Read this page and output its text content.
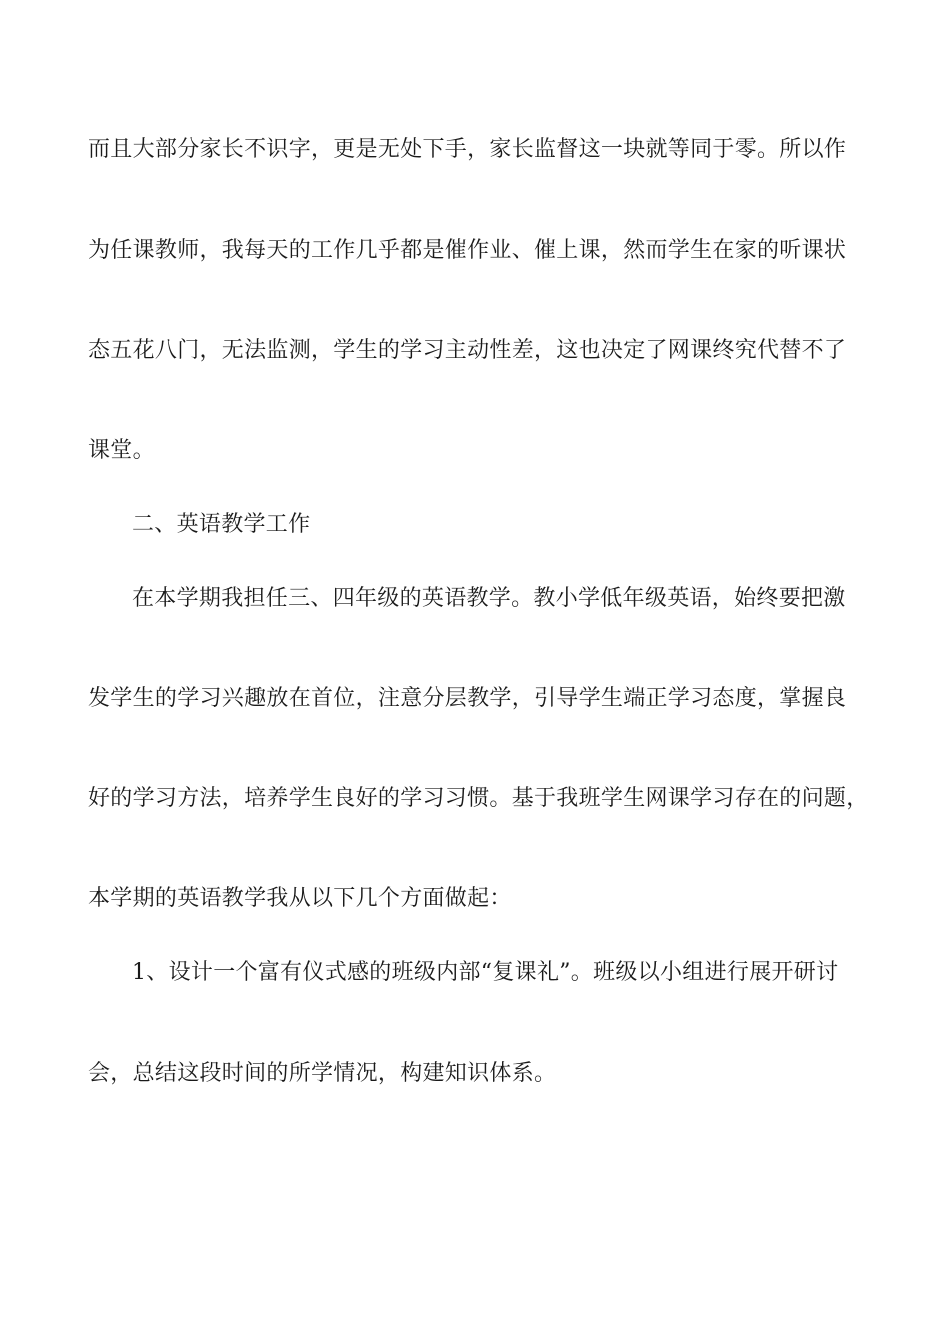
而且大部分家长不识字，更是无处下手，家长监督这一块就等同于零。所以作
为任课教师，我每天的工作几乎都是催作业、催上课，然而学生在家的听课状
态五花八门，无法监测，学生的学习主动性差，这也决定了网课终究代替不了
课堂。
二、英语教学工作
在本学期我担任三、四年级的英语教学。教小学低年级英语，始终要把激
发学生的学习兴趣放在首位，注意分层教学，引导学生端正学习态度，掌握良
好的学习方法，培养学生良好的学习习惯。基于我班学生网课学习存在的问题，
本学期的英语教学我从以下几个方面做起：
1、设计一个富有仪式感的班级内部“复课礼”。班级以小组进行展开研讨
会，总结这段时间的所学情况，构建知识体系。
